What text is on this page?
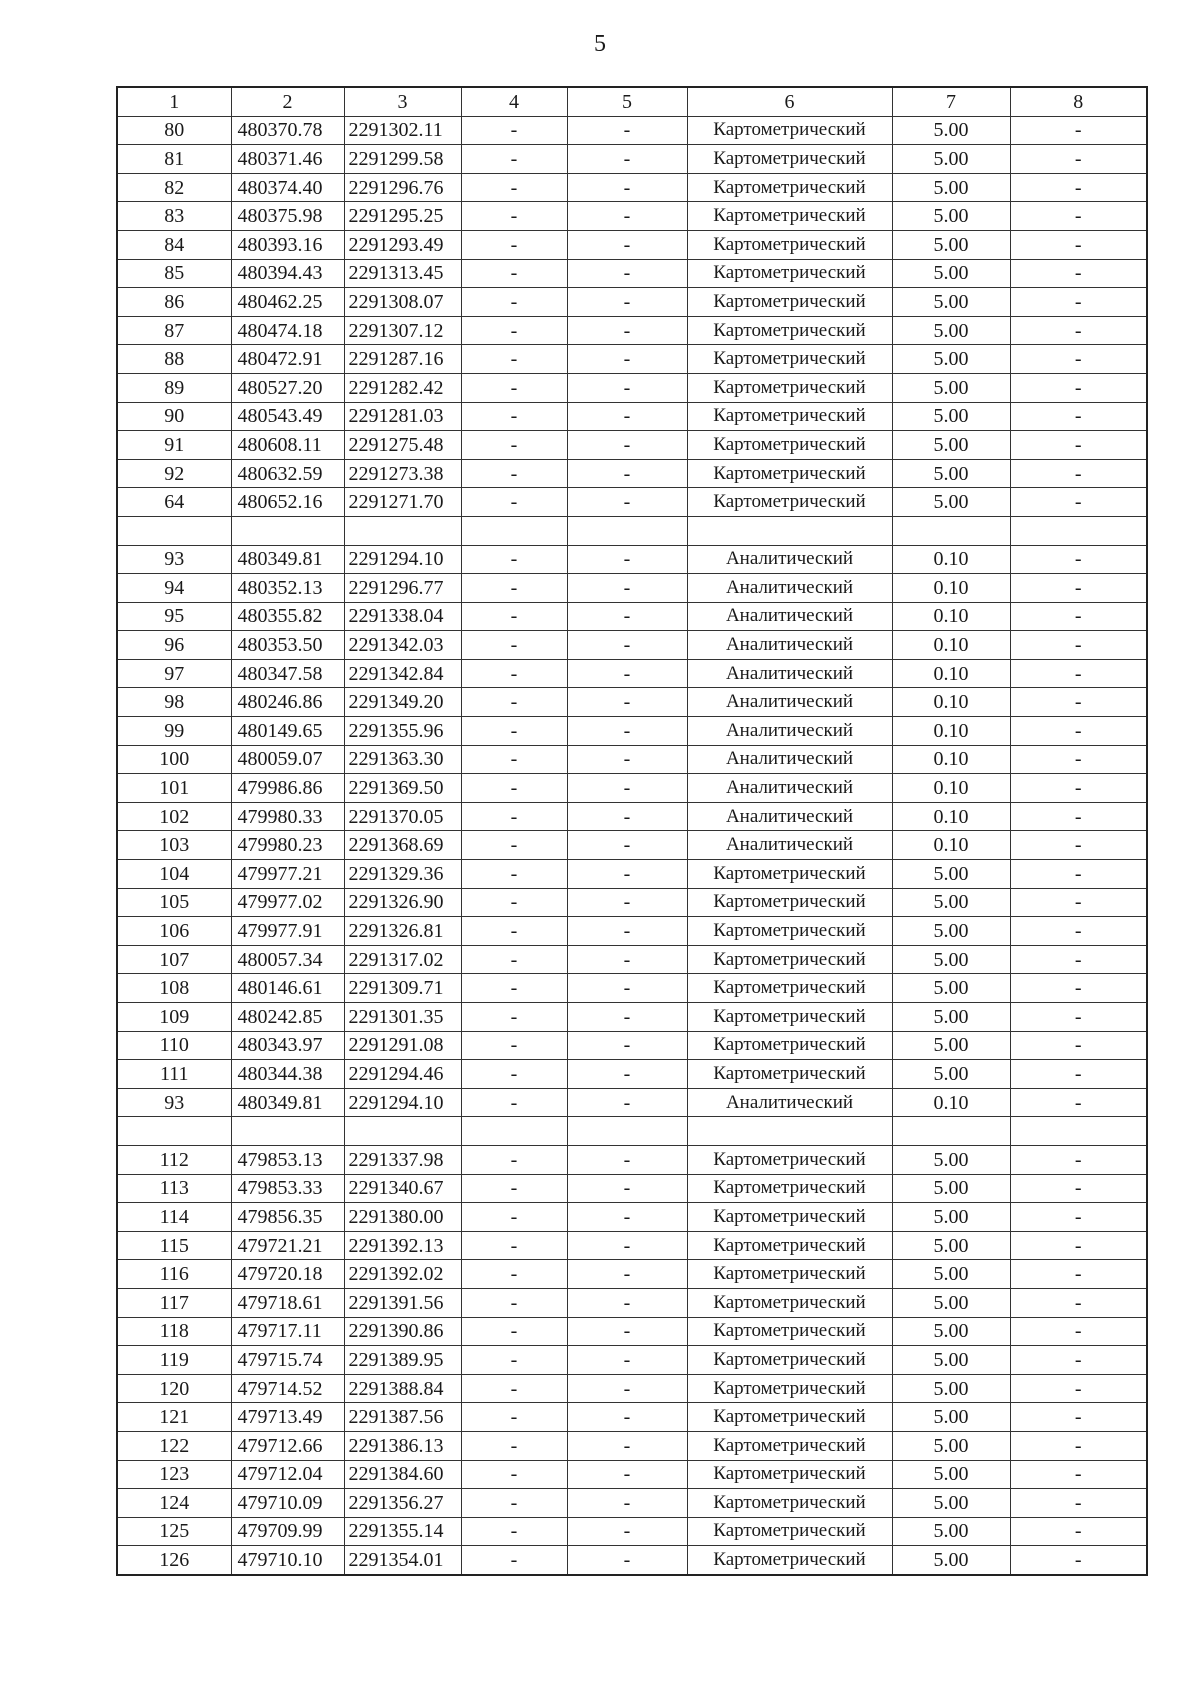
5
1	2	3	4	5	6	7	8
80	480370.78	2291302.11	-	-	Картометрический	5.00	-
81	480371.46	2291299.58	-	-	Картометрический	5.00	-
82	480374.40	2291296.76	-	-	Картометрический	5.00	-
83	480375.98	2291295.25	-	-	Картометрический	5.00	-
84	480393.16	2291293.49	-	-	Картометрический	5.00	-
85	480394.43	2291313.45	-	-	Картометрический	5.00	-
86	480462.25	2291308.07	-	-	Картометрический	5.00	-
87	480474.18	2291307.12	-	-	Картометрический	5.00	-
88	480472.91	2291287.16	-	-	Картометрический	5.00	-
89	480527.20	2291282.42	-	-	Картометрический	5.00	-
90	480543.49	2291281.03	-	-	Картометрический	5.00	-
91	480608.11	2291275.48	-	-	Картометрический	5.00	-
92	480632.59	2291273.38	-	-	Картометрический	5.00	-
64	480652.16	2291271.70	-	-	Картометрический	5.00	-

93	480349.81	2291294.10	-	-	Аналитический	0.10	-
94	480352.13	2291296.77	-	-	Аналитический	0.10	-
95	480355.82	2291338.04	-	-	Аналитический	0.10	-
96	480353.50	2291342.03	-	-	Аналитический	0.10	-
97	480347.58	2291342.84	-	-	Аналитический	0.10	-
98	480246.86	2291349.20	-	-	Аналитический	0.10	-
99	480149.65	2291355.96	-	-	Аналитический	0.10	-
100	480059.07	2291363.30	-	-	Аналитический	0.10	-
101	479986.86	2291369.50	-	-	Аналитический	0.10	-
102	479980.33	2291370.05	-	-	Аналитический	0.10	-
103	479980.23	2291368.69	-	-	Аналитический	0.10	-
104	479977.21	2291329.36	-	-	Картометрический	5.00	-
105	479977.02	2291326.90	-	-	Картометрический	5.00	-
106	479977.91	2291326.81	-	-	Картометрический	5.00	-
107	480057.34	2291317.02	-	-	Картометрический	5.00	-
108	480146.61	2291309.71	-	-	Картометрический	5.00	-
109	480242.85	2291301.35	-	-	Картометрический	5.00	-
110	480343.97	2291291.08	-	-	Картометрический	5.00	-
111	480344.38	2291294.46	-	-	Картометрический	5.00	-
93	480349.81	2291294.10	-	-	Аналитический	0.10	-

112	479853.13	2291337.98	-	-	Картометрический	5.00	-
113	479853.33	2291340.67	-	-	Картометрический	5.00	-
114	479856.35	2291380.00	-	-	Картометрический	5.00	-
115	479721.21	2291392.13	-	-	Картометрический	5.00	-
116	479720.18	2291392.02	-	-	Картометрический	5.00	-
117	479718.61	2291391.56	-	-	Картометрический	5.00	-
118	479717.11	2291390.86	-	-	Картометрический	5.00	-
119	479715.74	2291389.95	-	-	Картометрический	5.00	-
120	479714.52	2291388.84	-	-	Картометрический	5.00	-
121	479713.49	2291387.56	-	-	Картометрический	5.00	-
122	479712.66	2291386.13	-	-	Картометрический	5.00	-
123	479712.04	2291384.60	-	-	Картометрический	5.00	-
124	479710.09	2291356.27	-	-	Картометрический	5.00	-
125	479709.99	2291355.14	-	-	Картометрический	5.00	-
126	479710.10	2291354.01	-	-	Картометрический	5.00	-
